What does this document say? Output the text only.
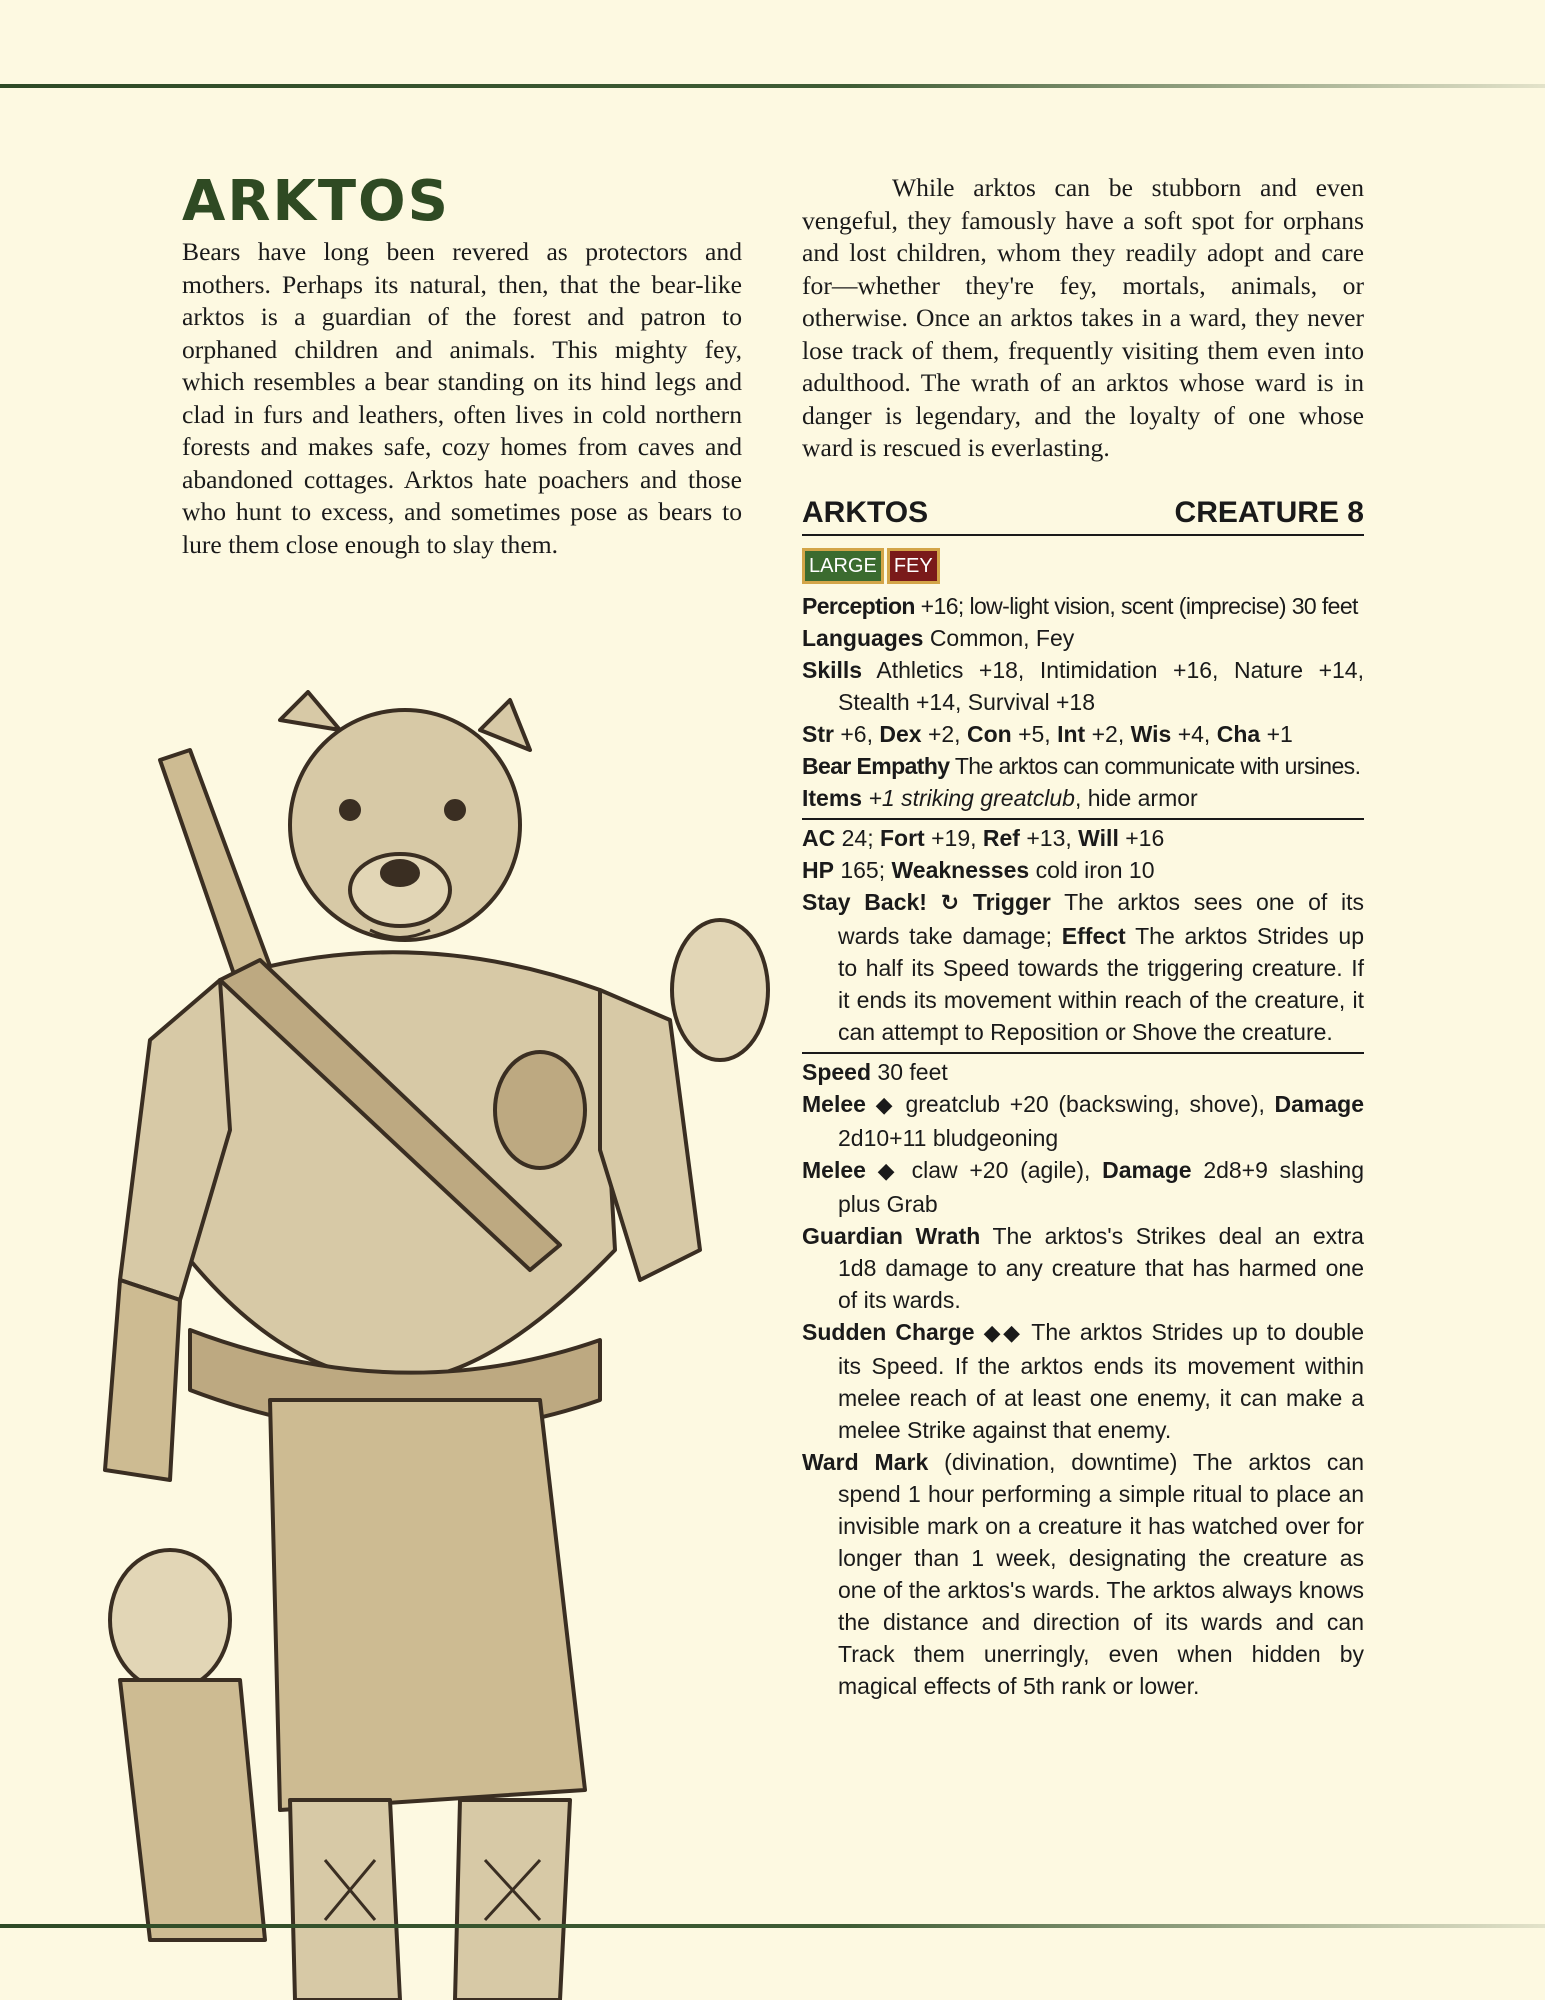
ARKTOS

Bears have long been revered as protectors and mothers. Perhaps its natural, then, that the bear-like arktos is a guardian of the forest and patron to orphaned children and animals. This mighty fey, which resembles a bear standing on its hind legs and clad in furs and leathers, often lives in cold northern forests and makes safe, cozy homes from caves and abandoned cottages. Arktos hate poachers and those who hunt to excess, and sometimes pose as bears to lure them close enough to slay them.

While arktos can be stubborn and even vengeful, they famously have a soft spot for orphans and lost children, whom they readily adopt and care for—whether they're fey, mortals, animals, or otherwise. Once an arktos takes in a ward, they never lose track of them, frequently visiting them even into adulthood. The wrath of an arktos whose ward is in danger is legendary, and the loyalty of one whose ward is rescued is everlasting.

ARKTOS	CREATURE 8
LARGE FEY
Perception +16; low-light vision, scent (imprecise) 30 feet
Languages Common, Fey
Skills Athletics +18, Intimidation +16, Nature +14, Stealth +14, Survival +18
Str +6, Dex +2, Con +5, Int +2, Wis +4, Cha +1
Bear Empathy The arktos can communicate with ursines.
Items +1 striking greatclub, hide armor
AC 24; Fort +19, Ref +13, Will +16
HP 165; Weaknesses cold iron 10
Stay Back! ↻ Trigger The arktos sees one of its wards take damage; Effect The arktos Strides up to half its Speed towards the triggering creature. If it ends its movement within reach of the creature, it can attempt to Reposition or Shove the creature.
Speed 30 feet
Melee ◆ greatclub +20 (backswing, shove), Damage 2d10+11 bludgeoning
Melee ◆ claw +20 (agile), Damage 2d8+9 slashing plus Grab
Guardian Wrath The arktos's Strikes deal an extra 1d8 damage to any creature that has harmed one of its wards.
Sudden Charge ◆◆ The arktos Strides up to double its Speed. If the arktos ends its movement within melee reach of at least one enemy, it can make a melee Strike against that enemy.
Ward Mark (divination, downtime) The arktos can spend 1 hour performing a simple ritual to place an invisible mark on a creature it has watched over for longer than 1 week, designating the creature as one of the arktos's wards. The arktos always knows the distance and direction of its wards and can Track them unerringly, even when hidden by magical effects of 5th rank or lower.
